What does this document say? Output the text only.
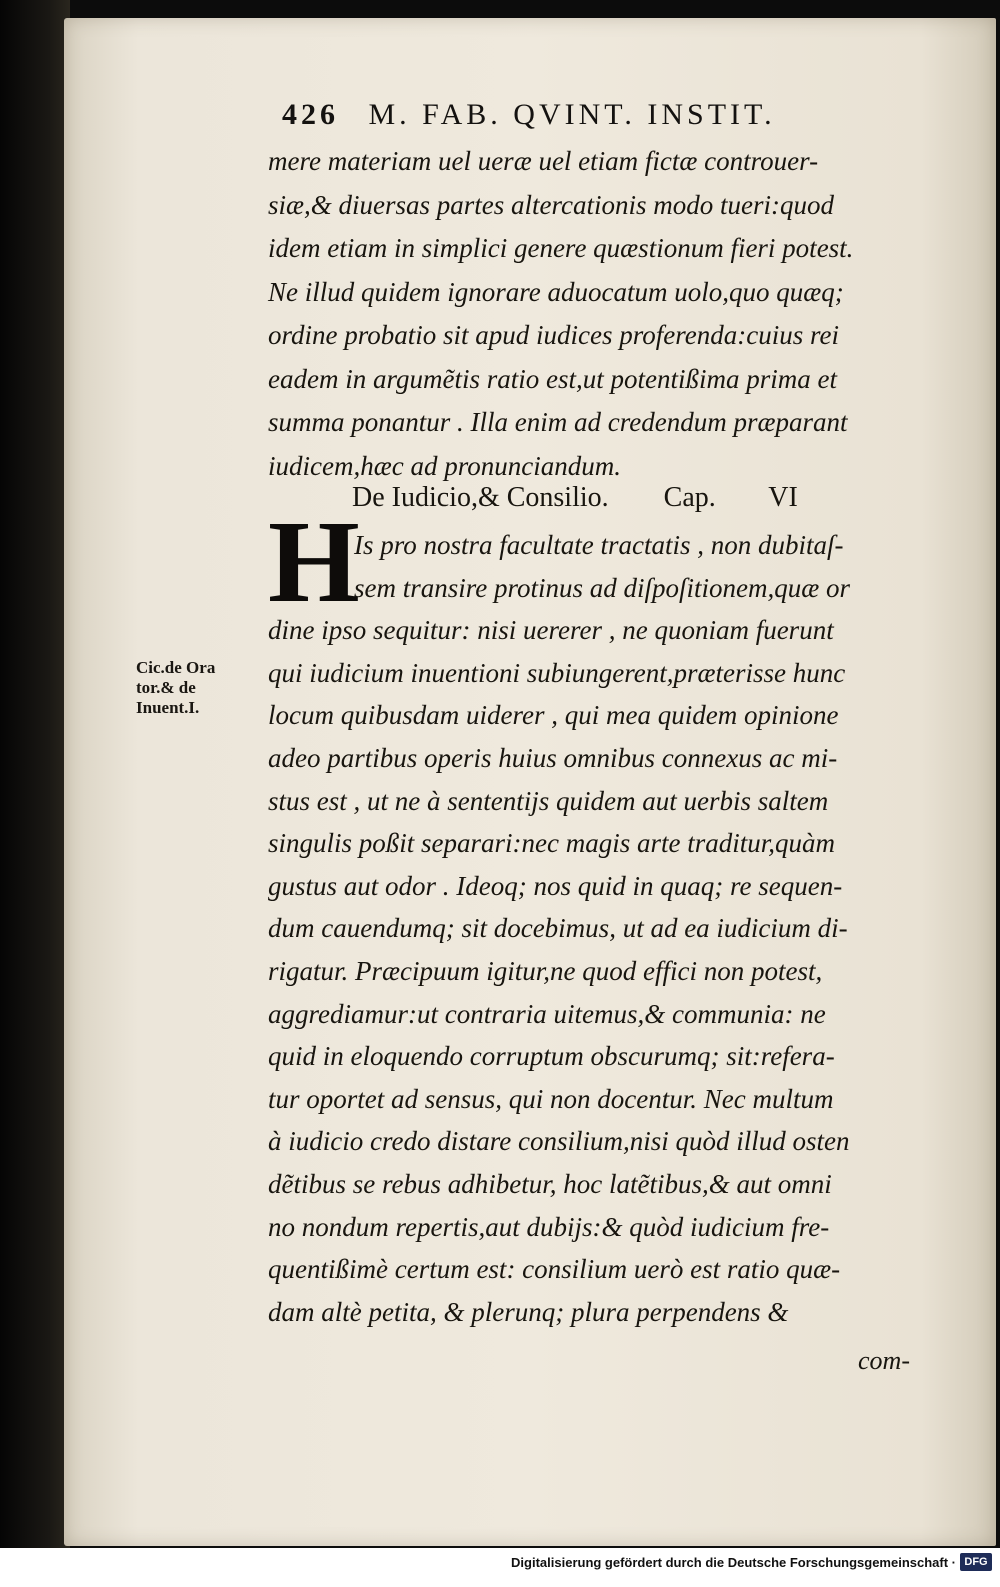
426 M. FAB. QVINT. INSTIT.
mere materiam uel ueræ uel etiam fictæ controuer-
siæ,& diuersas partes altercationis modo tueri:quod
idem etiam in simplici genere quæstionum fieri potest.
Ne illud quidem ignorare aduocatum uolo,quo quæq;
ordine probatio sit apud iudices proferenda:cuius rei
eadem in argumẽtis ratio est,ut potentißima prima et
summa ponantur . Illa enim ad credendum præparant
iudicem,hæc ad pronunciandum.
De Iudicio,& Consilio. Cap. VI
H
Is pro nostra facultate tractatis , non dubitaſ-
sem transire protinus ad diſpoſitionem,quæ or
dine ipso sequitur: nisi uererer , ne quoniam fuerunt
qui iudicium inuentioni subiungerent,præterisse hunc
locum quibusdam uiderer , qui mea quidem opinione
adeo partibus operis huius omnibus connexus ac mi-
stus est , ut ne à sententijs quidem aut uerbis saltem
singulis poßit separari:nec magis arte traditur,quàm
gustus aut odor . Ideoq; nos quid in quaq; re sequen-
dum cauendumq; sit docebimus, ut ad ea iudicium di-
rigatur. Præcipuum igitur,ne quod effici non potest,
aggrediamur:ut contraria uitemus,& communia: ne
quid in eloquendo corruptum obscurumq; sit:refera-
tur oportet ad sensus, qui non docentur. Nec multum
à iudicio credo distare consilium,nisi quòd illud osten
dẽtibus se rebus adhibetur, hoc latẽtibus,& aut omni
no nondum repertis,aut dubijs:& quòd iudicium fre-
quentißimè certum est: consilium uerò est ratio quæ-
dam altè petita, & plerunq; plura perpendens &
com-
Cic.de Ora
tor.& de
Inuent.I.
Digitalisierung gefördert durch die Deutsche Forschungsgemeinschaft · DFG
